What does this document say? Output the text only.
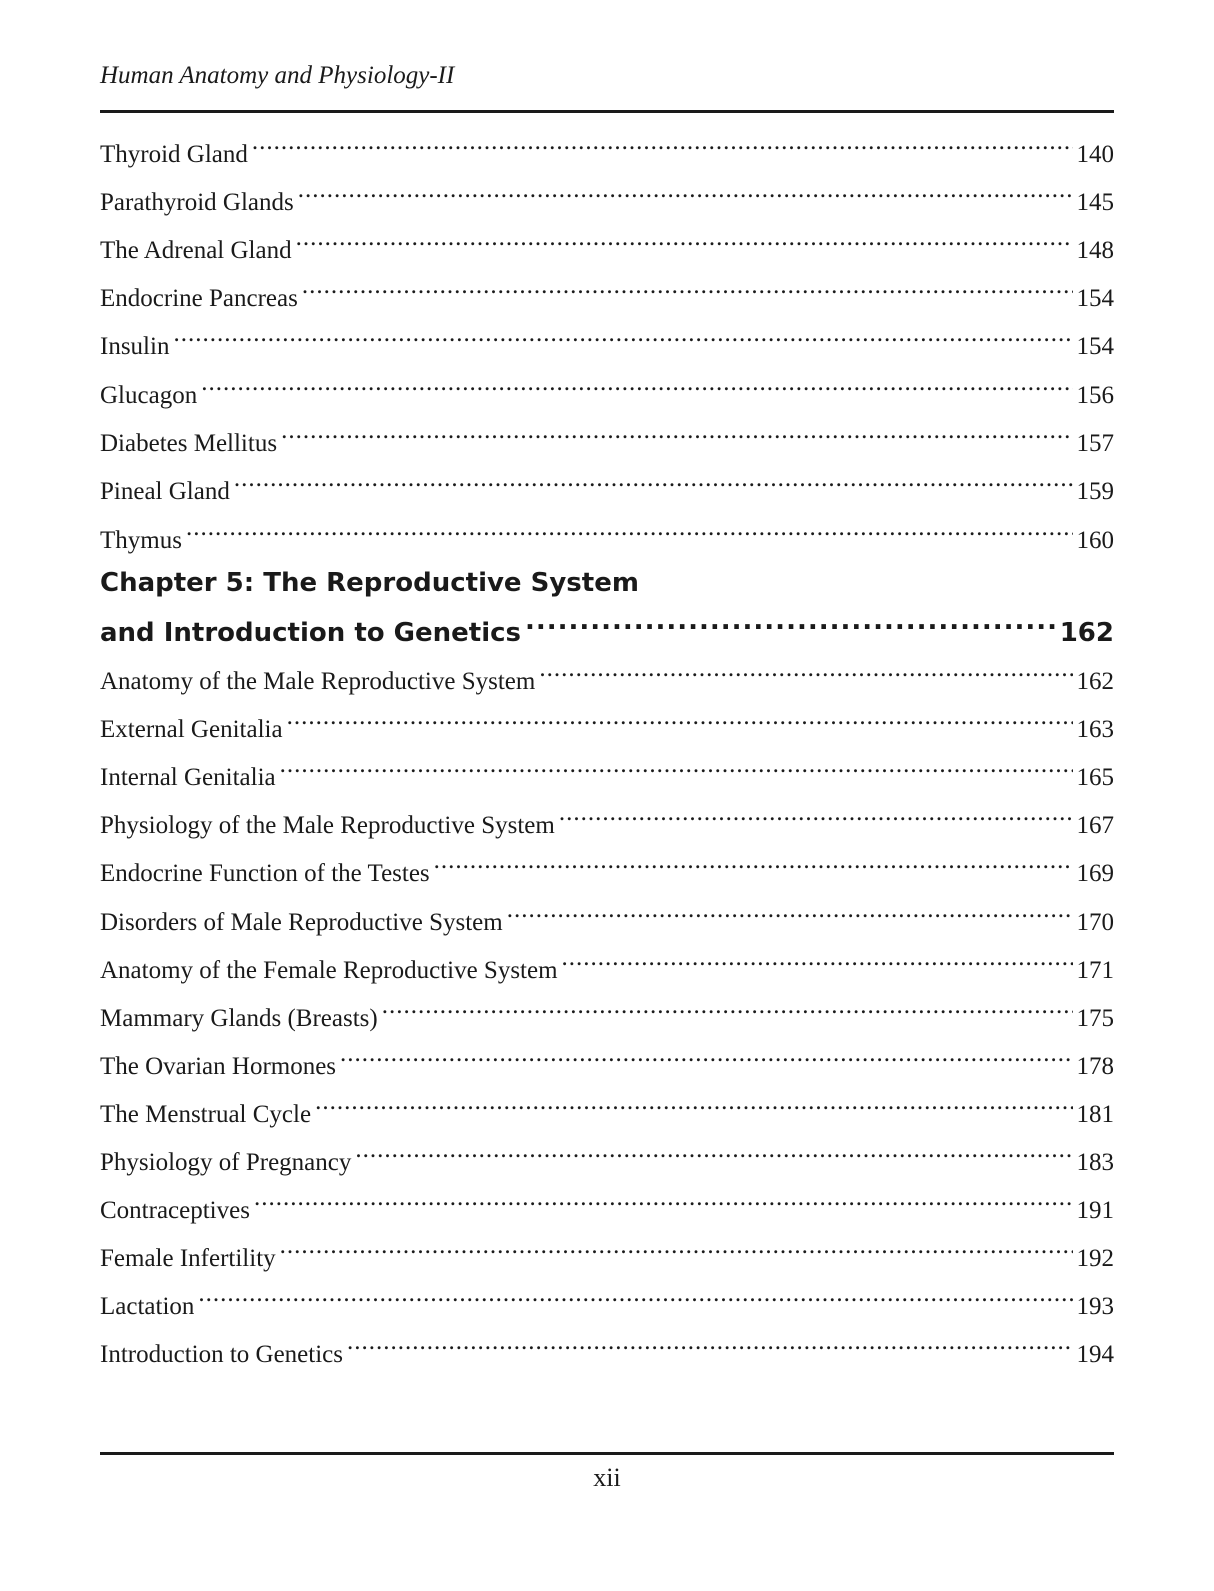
Human Anatomy and Physiology-II
Thyroid Gland .....	140
Parathyroid Glands .....	145
The Adrenal Gland .....	148
Endocrine Pancreas .....	154
Insulin .....	154
Glucagon .....	156
Diabetes Mellitus .....	157
Pineal Gland .....	159
Thymus .....	160
Chapter 5: The Reproductive System
and Introduction to Genetics .....	162
Anatomy of the Male Reproductive System .....	162
External Genitalia .....	163
Internal Genitalia .....	165
Physiology of the Male Reproductive System .....	167
Endocrine Function of the Testes .....	169
Disorders of Male Reproductive System .....	170
Anatomy of the Female Reproductive System .....	171
Mammary Glands (Breasts) .....	175
The Ovarian Hormones .....	178
The Menstrual Cycle .....	181
Physiology of Pregnancy .....	183
Contraceptives .....	191
Female Infertility .....	192
Lactation .....	193
Introduction to Genetics .....	194
xii
